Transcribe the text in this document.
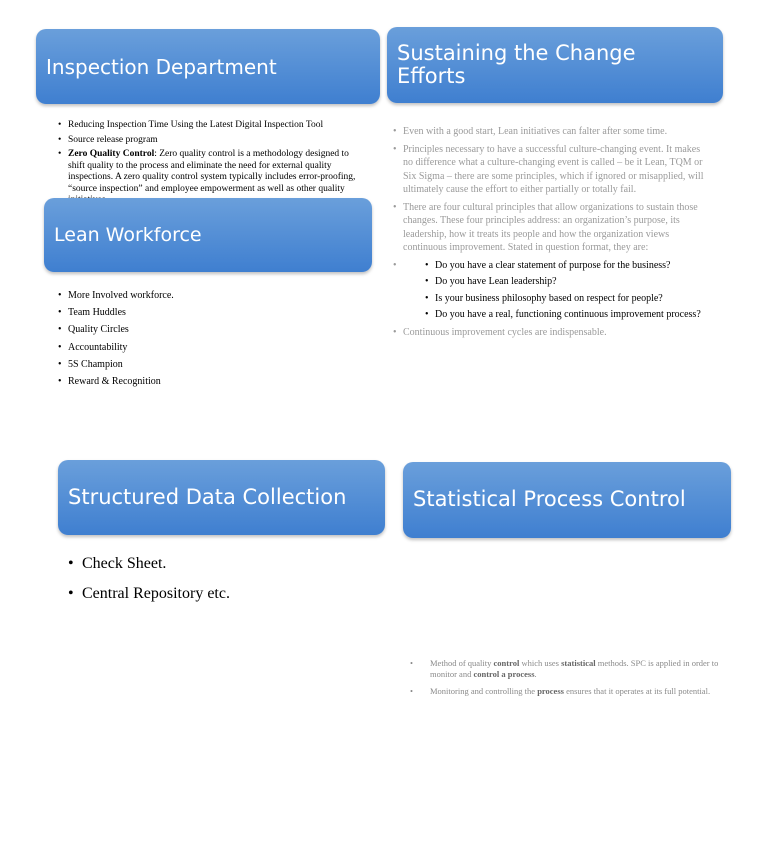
Inspection Department
• Reducing Inspection Time Using the Latest Digital Inspection Tool
• Source release program
• Zero Quality Control: Zero quality control is a methodology designed to shift quality to the process and eliminate the need for external quality inspections. A zero quality control system typically includes error-proofing, “source inspection” and employee empowerment as well as other quality
Sustaining the Change Efforts
• Even with a good start, Lean initiatives can falter after some time.
• Principles necessary to have a successful culture-changing event. It makes no difference what a culture-changing event is called – be it Lean, TQM or Six Sigma – there are some principles, which if ignored or misapplied, will ultimately cause the effort to either partially or totally fail.
• There are four cultural principles that allow organizations to sustain those changes. These four principles address: an organization’s purpose, its leadership, how it treats its people and how the organization views continuous improvement. Stated in question format, they are:
• • Do you have a clear statement of purpose for the business?
• Do you have Lean leadership?
• Is your business philosophy based on respect for people?
• Do you have a real, functioning continuous improvement process?
• Continuous improvement cycles are indispensable.
Lean Workforce
• More Involved workforce.
• Team Huddles
• Quality Circles
• Accountability
• 5S Champion
• Reward & Recognition
Structured Data Collection
• Check Sheet.
• Central Repository etc.
Statistical Process Control
• Method of quality control which uses statistical methods. SPC is applied in order to monitor and control a process.
• Monitoring and controlling the process ensures that it operates at its full potential.
